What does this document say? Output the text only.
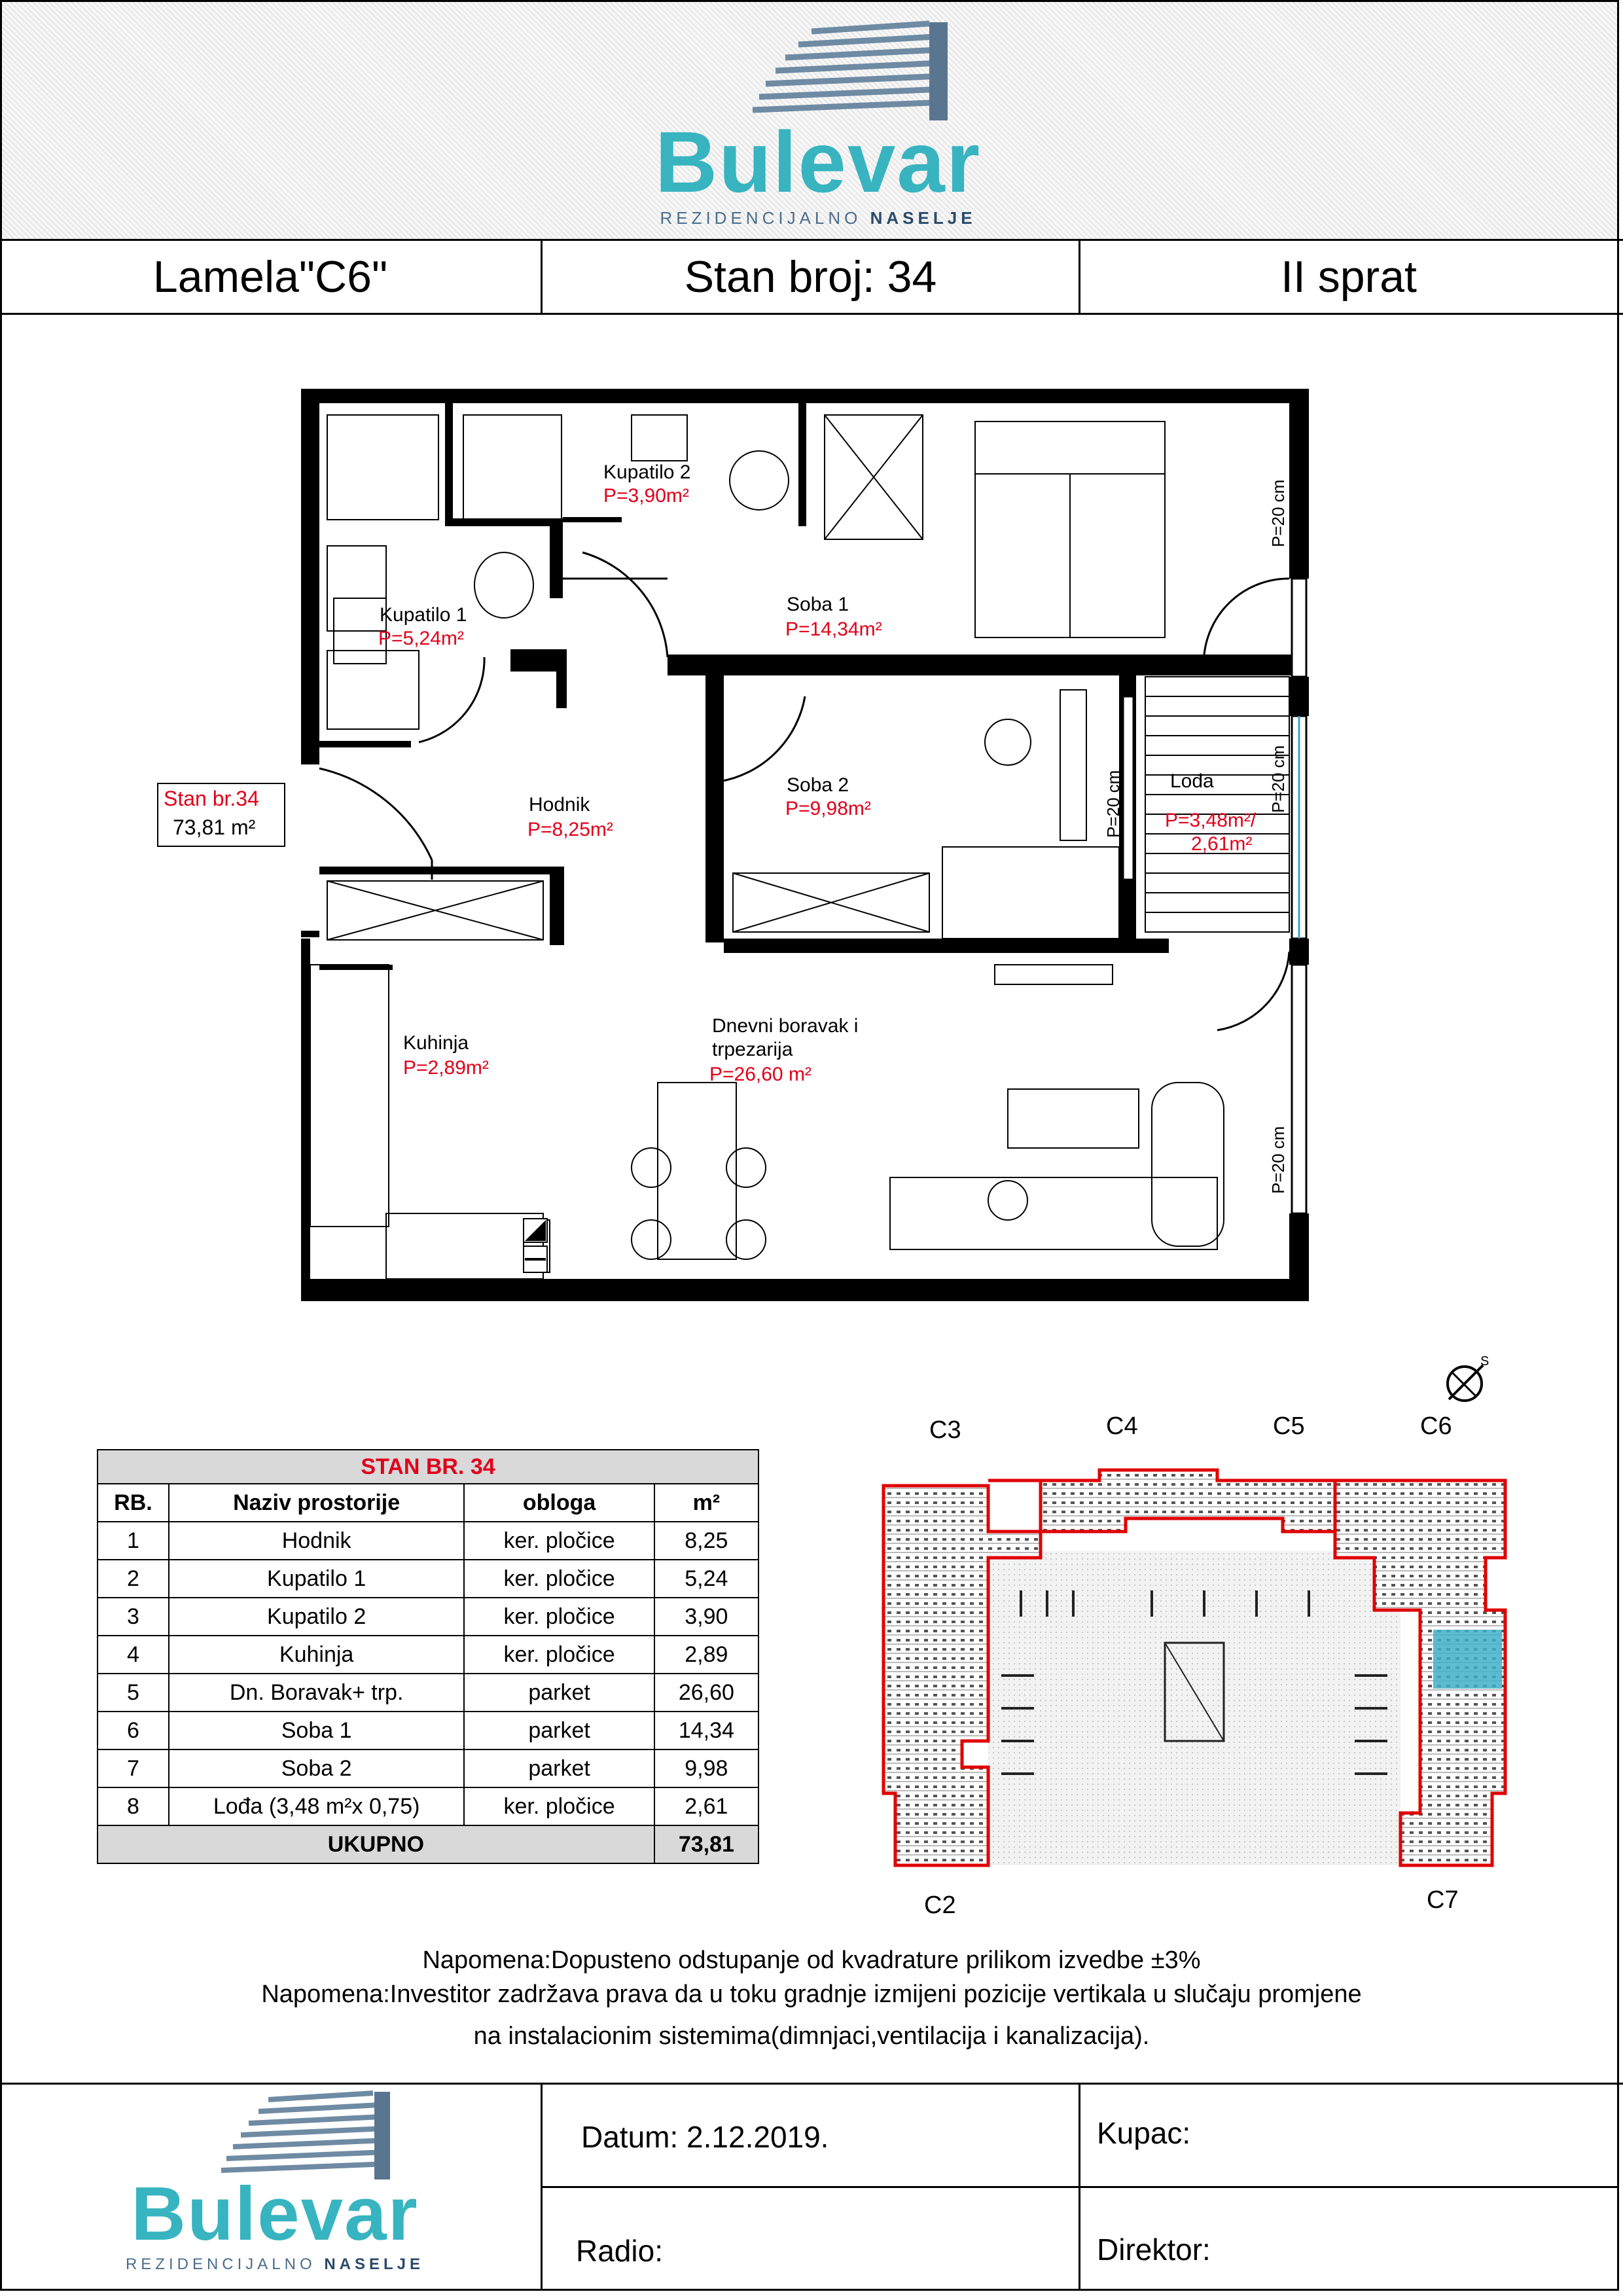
Bulevar
REZIDENCIJALNO NASELJE
Lamela"C6"	Stan broj: 34	II sprat
Kupatilo 2
P=3,90m²
Kupatilo 1
P=5,24m²
Soba 1
P=14,34m²
Soba 2
P=9,98m²
Hodnik
P=8,25m²
Lođa
P=3,48m²/
2,61m²
Kuhinja
P=2,89m²
Dnevni boravak i
trpezarija
P=26,60 m²
P=20 cm
P=20 cm
P=20 cm
P=20 cm
Stan br.34
73,81 m²
S
STAN BR. 34			
RB.	Naziv prostorije	obloga	m²
1	Hodnik	ker. pločice	8,25
2	Kupatilo 1	ker. pločice	5,24
3	Kupatilo 2	ker. pločice	3,90
4	Kuhinja	ker. pločice	2,89
5	Dn. Boravak+ trp.	parket	26,60
6	Soba 1	parket	14,34
7	Soba 2	parket	9,98
8	Lođa (3,48 m²x 0,75)	ker. pločice	2,61
UKUPNO			73,81
C3	C4	C5	C6
C2	C7
Napomena:Dopusteno odstupanje od kvadrature prilikom izvedbe ±3%
Napomena:Investitor zadržava prava da u toku gradnje izmijeni pozicije vertikala u slučaju promjene
na instalacionim sistemima(dimnjaci,ventilacija i kanalizacija).
Bulevar
REZIDENCIJALNO NASELJE
Datum: 2.12.2019.	Kupac:
Radio:	Direktor:
